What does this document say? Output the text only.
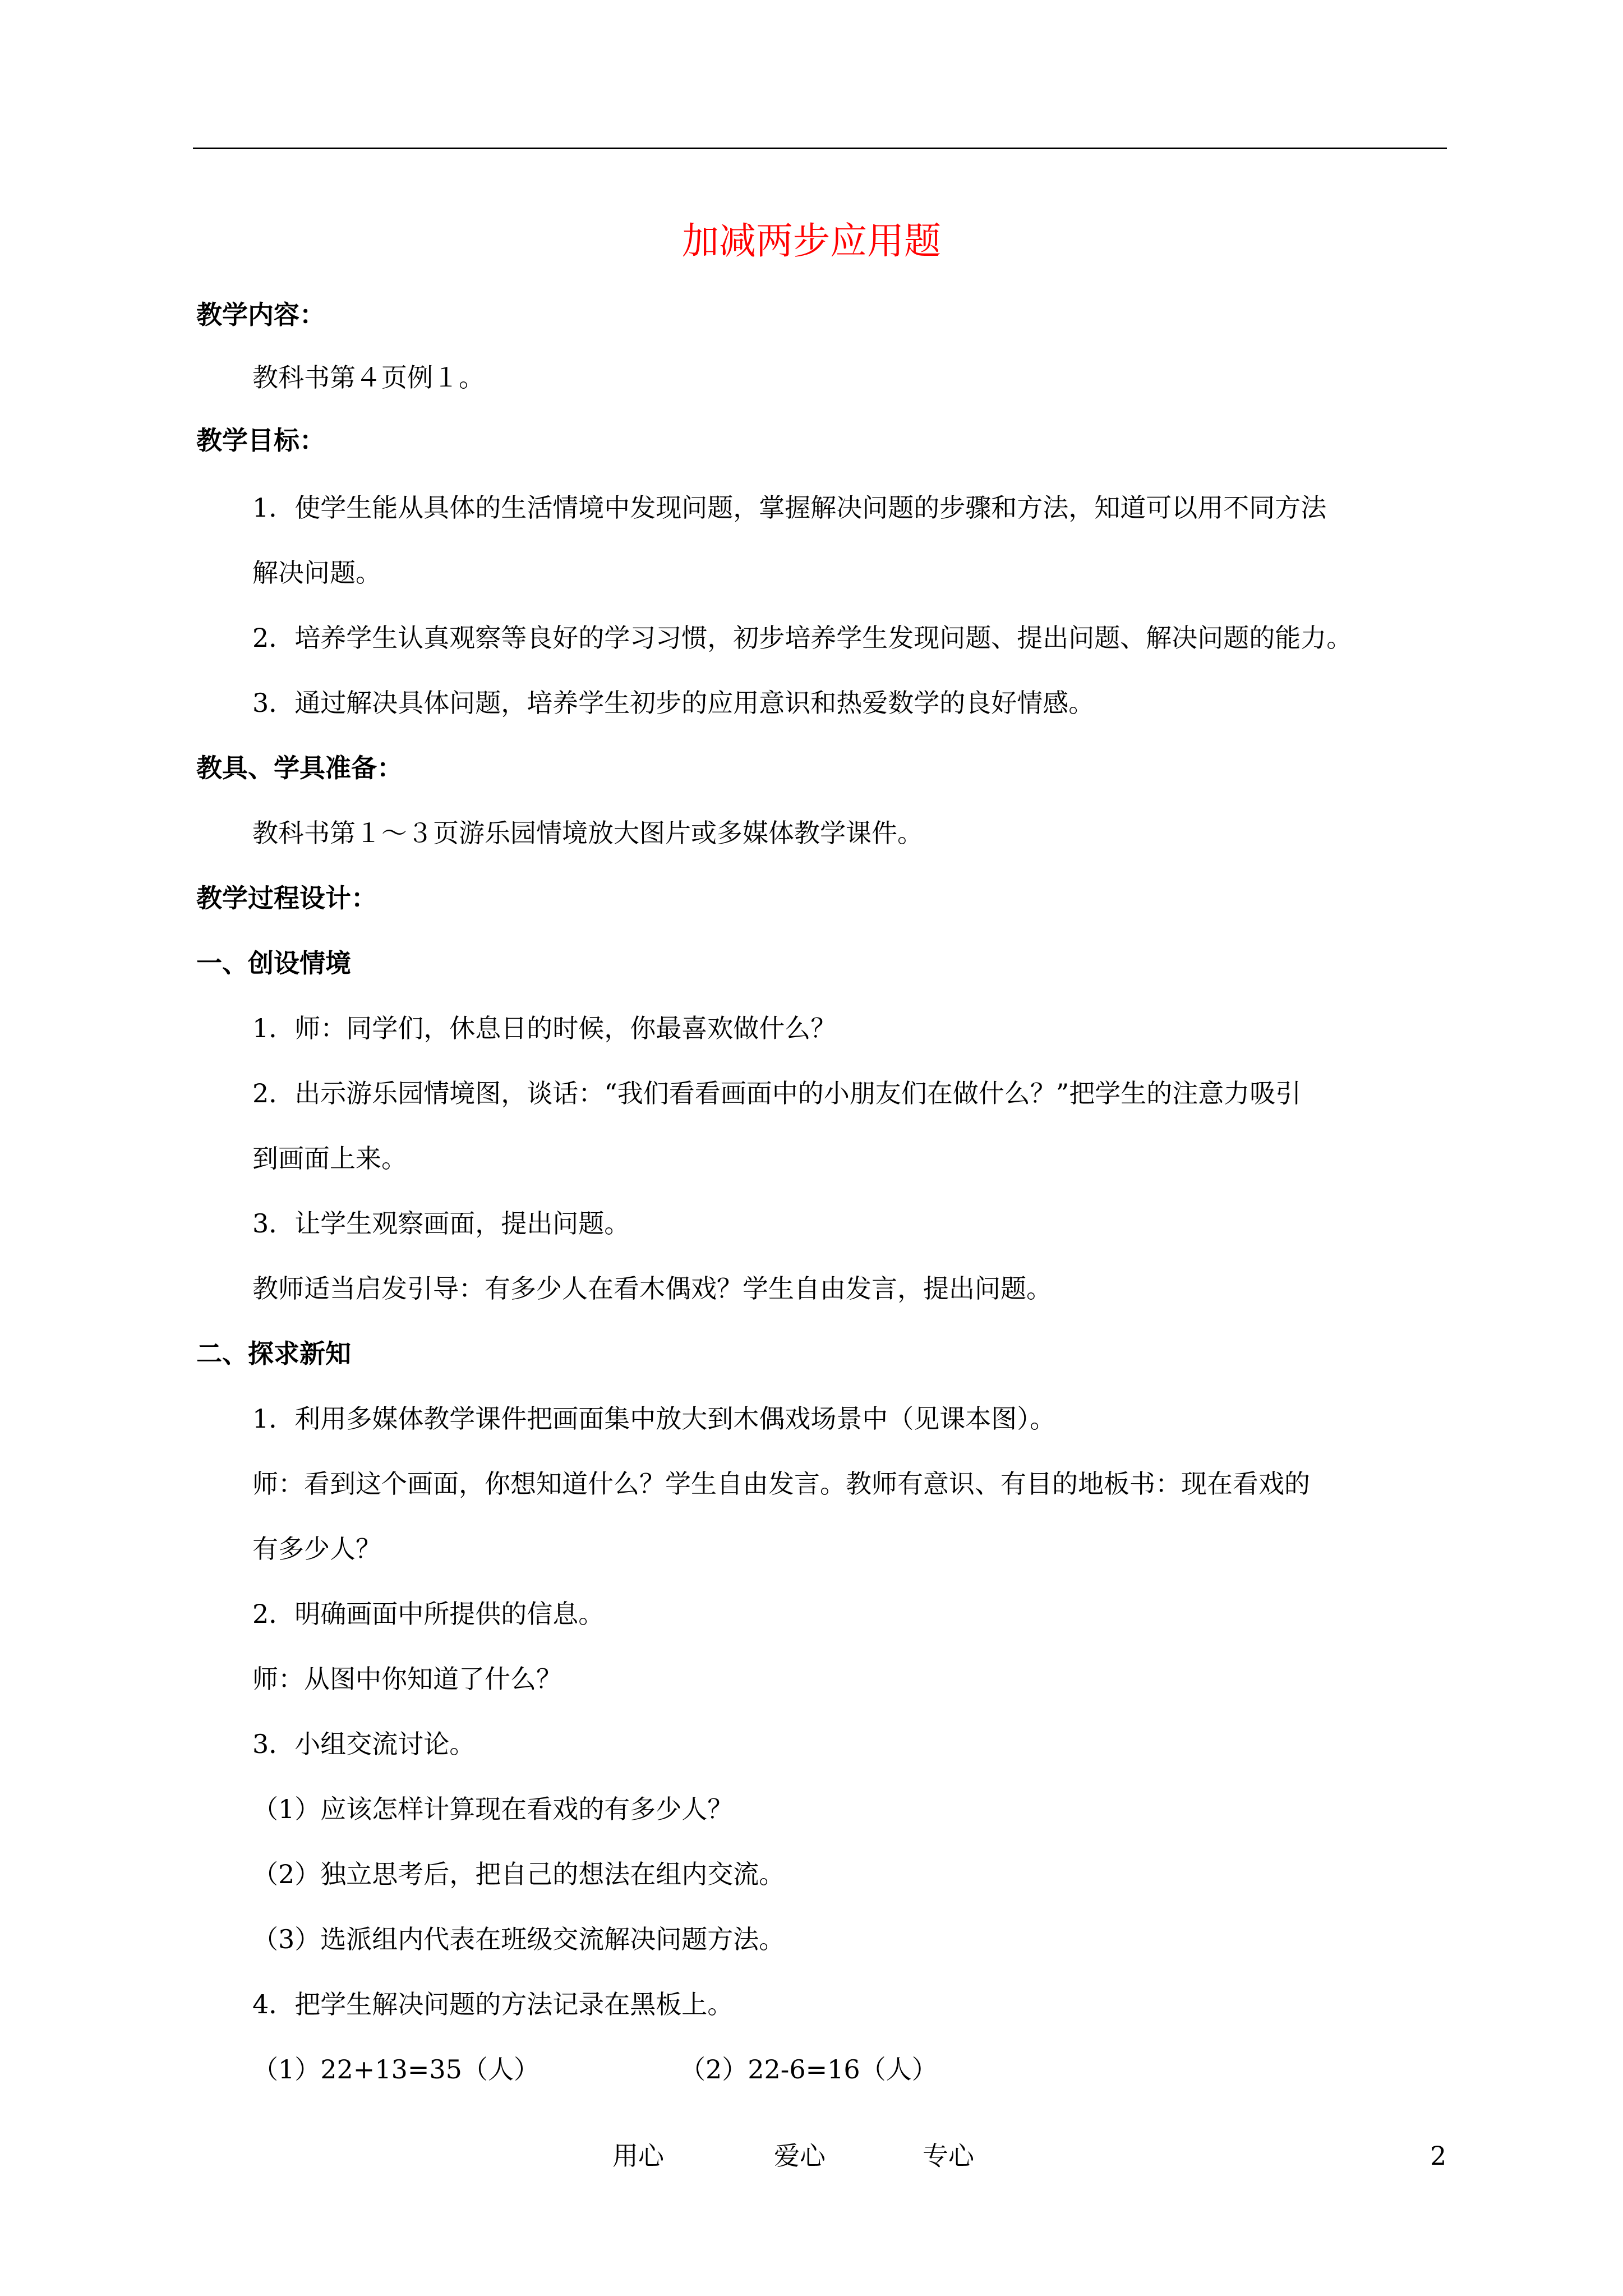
加减两步应用题
教学内容：
教科书第４页例１。
教学目标：
1．使学生能从具体的生活情境中发现问题，掌握解决问题的步骤和方法，知道可以用不同方法
解决问题。
2．培养学生认真观察等良好的学习习惯，初步培养学生发现问题、提出问题、解决问题的能力。
3．通过解决具体问题，培养学生初步的应用意识和热爱数学的良好情感。
教具、学具准备：
教科书第１～３页游乐园情境放大图片或多媒体教学课件。
教学过程设计：
一、创设情境
1．师：同学们，休息日的时候，你最喜欢做什么？
2．出示游乐园情境图，谈话：“我们看看画面中的小朋友们在做什么？”把学生的注意力吸引
到画面上来。
3．让学生观察画面，提出问题。
教师适当启发引导：有多少人在看木偶戏？学生自由发言，提出问题。
二、探求新知
1．利用多媒体教学课件把画面集中放大到木偶戏场景中（见课本图）。
师：看到这个画面，你想知道什么？学生自由发言。教师有意识、有目的地板书：现在看戏的
有多少人？
2．明确画面中所提供的信息。
师：从图中你知道了什么？
3．小组交流讨论。
（1）应该怎样计算现在看戏的有多少人？
（2）独立思考后，把自己的想法在组内交流。
（3）选派组内代表在班级交流解决问题方法。
4．把学生解决问题的方法记录在黑板上。
（1）22+13=35（人）	（2）22-6=16（人）
用心	爱心	专心	2
